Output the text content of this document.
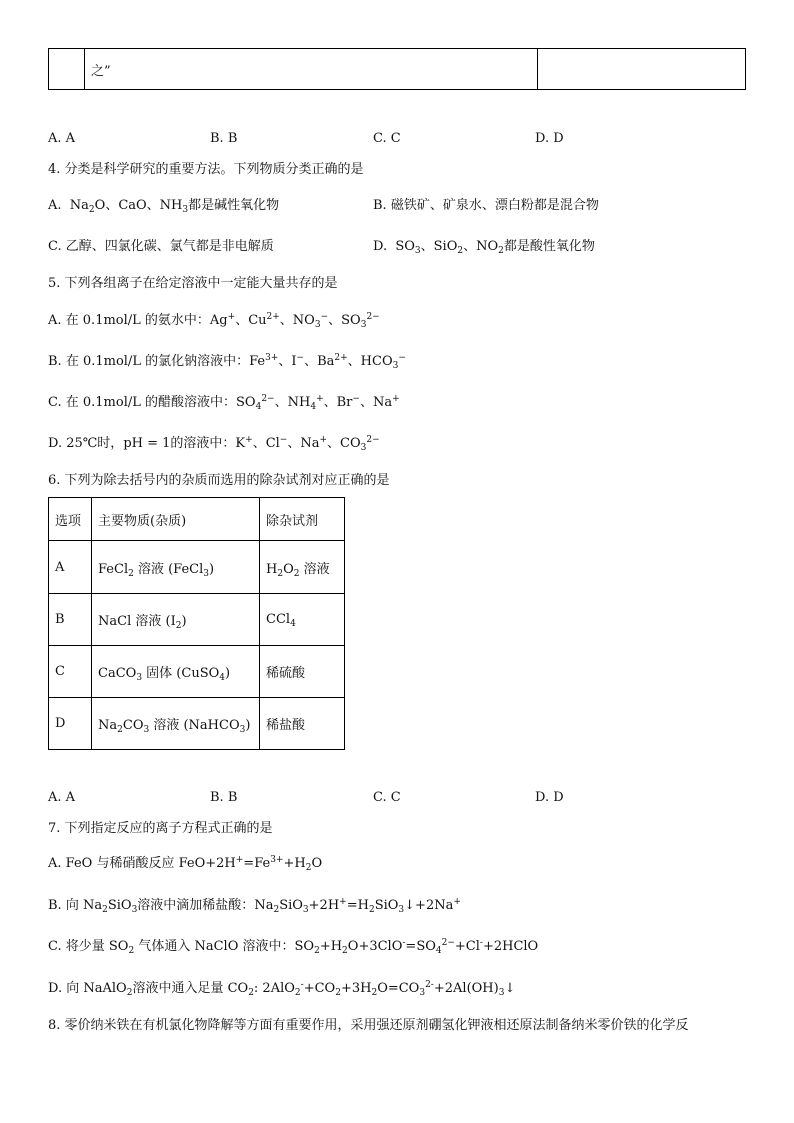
	之”	
A. A	B. B	C. C	D. D
4. 分类是科学研究的重要方法。下列物质分类正确的是
A.  $Na_2O$、CaO、$NH_3$都是碱性氧化物	B. 磁铁矿、矿泉水、漂白粉都是混合物
C. 乙醇、四氯化碳、氯气都是非电解质	D.  $SO_3$、SiO$_2$、$NO_2$都是酸性氧化物
5. 下列各组离子在给定溶液中一定能大量共存的是
A. 在 0.1mol/L 的氨水中：Ag+、$Cu^{2+}$、$NO_3^-$、$SO_3^{2-}$
B. 在 0.1mol/L 的氯化钠溶液中：$Fe^{3+}$、I−、$Ba^{2+}$、$HCO_3^-$
C. 在 0.1mol/L 的醋酸溶液中：$SO_4^{2-}$、$NH_4^+$、Br−、Na+
D. 25℃时，pH = 1的溶液中：K+、Cl−、Na+、$CO_3^{2-}$
6. 下列为除去括号内的杂质而选用的除杂试剂对应正确的是
选项	主要物质(杂质)	除杂试剂
A	FeCl$_2$ 溶液 (FeCl$_3$)	$H_2O_2$ 溶液
B	NaCl 溶液 $(I_2)$	CCl$_4$
C	CaCO$_3$ 固体 (CuSO$_4$)	稀硫酸
D	$Na_2CO_3$ 溶液 (NaHCO$_3$)	稀盐酸
A. A	B. B	C. C	D. D
7. 下列指定反应的离子方程式正确的是
A. FeO 与稀硝酸反应 $FeO+2H^+=Fe^{3+}+H_2O$
B. 向 $Na_2SiO_3$溶液中滴加稀盐酸：$Na_2SiO_3+2H^+=H_2SiO_3↓+2Na^+$
C. 将少量 $SO_2$ 气体通入 NaClO 溶液中：$SO_2+H_2O+3ClO^-=SO_4^{2-}+Cl^-+2HClO$
D. 向 NaAlO$_2$溶液中通入足量 $CO_2$: $2AlO_2^-+CO_2+3H_2O=CO_3^{2-}+2Al(OH)_3↓$
8. 零价纳米铁在有机氯化物降解等方面有重要作用，采用强还原剂硼氢化钾液相还原法制备纳米零价铁的化学反
